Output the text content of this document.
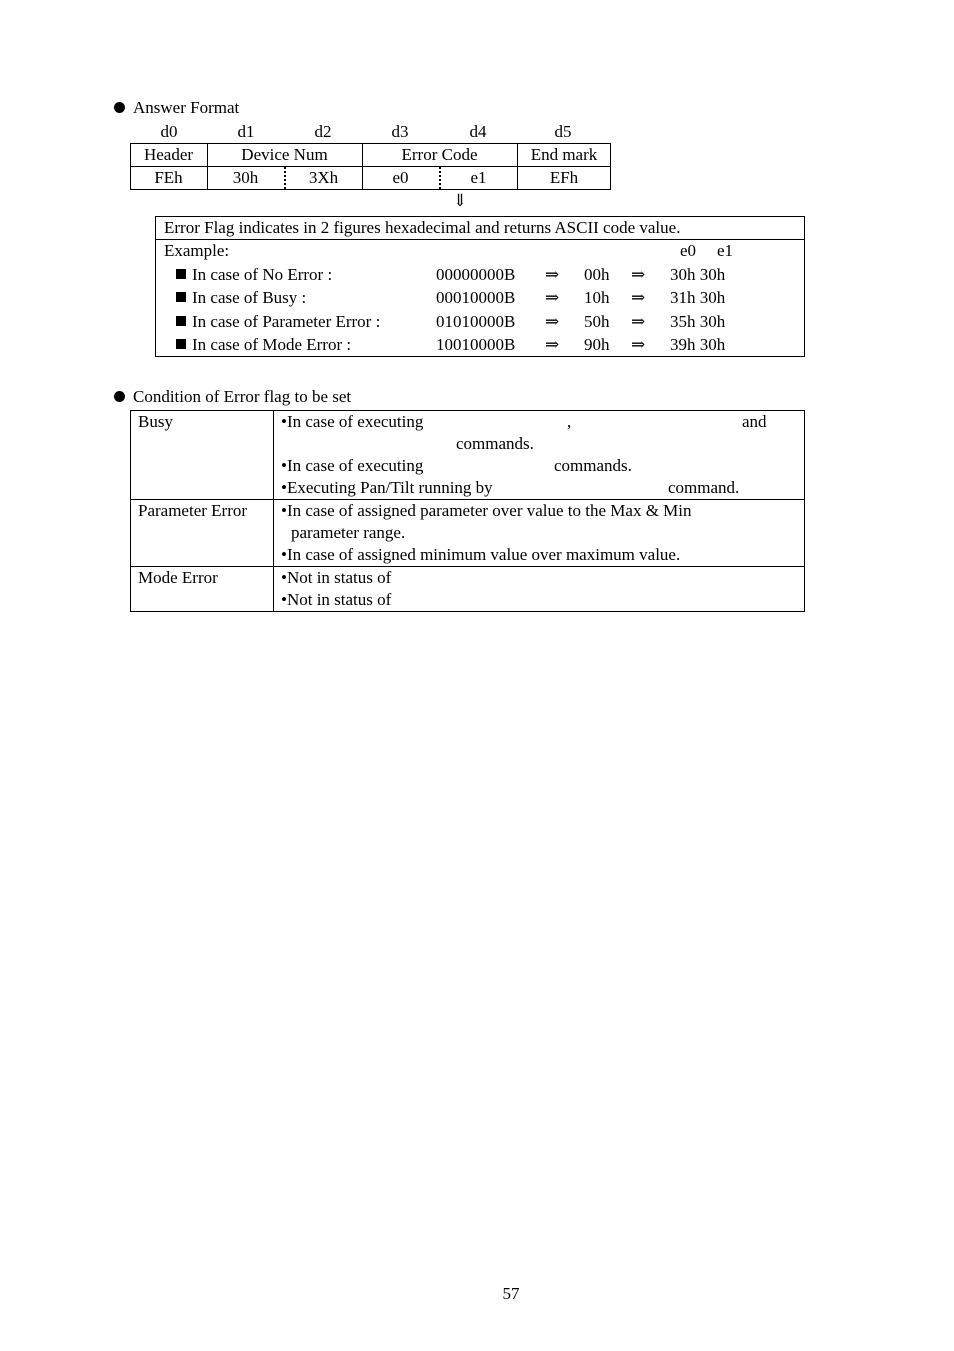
Answer Format
d0	d1	d2	d3	d4	d5
Header	Device Num	Error Code	End mark
FEh	30h	3Xh	e0	e1	EFh
⇓
Error Flag indicates in 2 figures hexadecimal and returns ASCII code value.
Example:	e0 e1
In case of No Error :	00000000B ⇒ 00h ⇒ 30h 30h
In case of Busy :	00010000B ⇒ 10h ⇒ 31h 30h
In case of Parameter Error :	01010000B ⇒ 50h ⇒ 35h 30h
In case of Mode Error :	10010000B ⇒ 90h ⇒ 39h 30h
Condition of Error flag to be set
Busy	•In case of executing	,	and
commands.
•In case of executing	commands.
•Executing Pan/Tilt running by	command.
Parameter Error •In case of assigned parameter over value to the Max & Min
parameter range.
•In case of assigned minimum value over maximum value.
Mode Error	•Not in status of
•Not in status of
57
